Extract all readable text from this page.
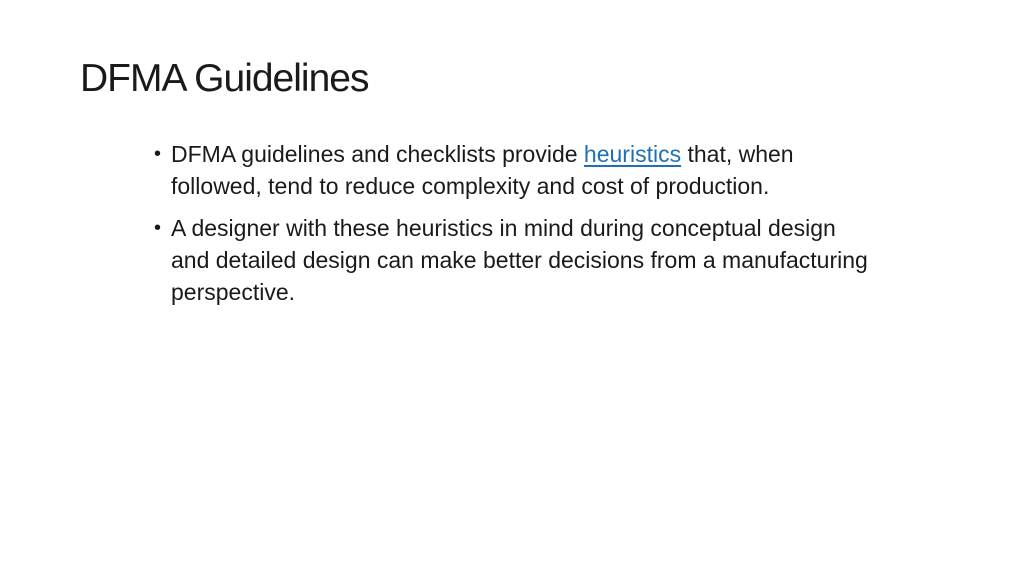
DFMA Guidelines
• DFMA guidelines and checklists provide heuristics that, when followed, tend to reduce complexity and cost of production.
• A designer with these heuristics in mind during conceptual design and detailed design can make better decisions from a manufacturing perspective.
